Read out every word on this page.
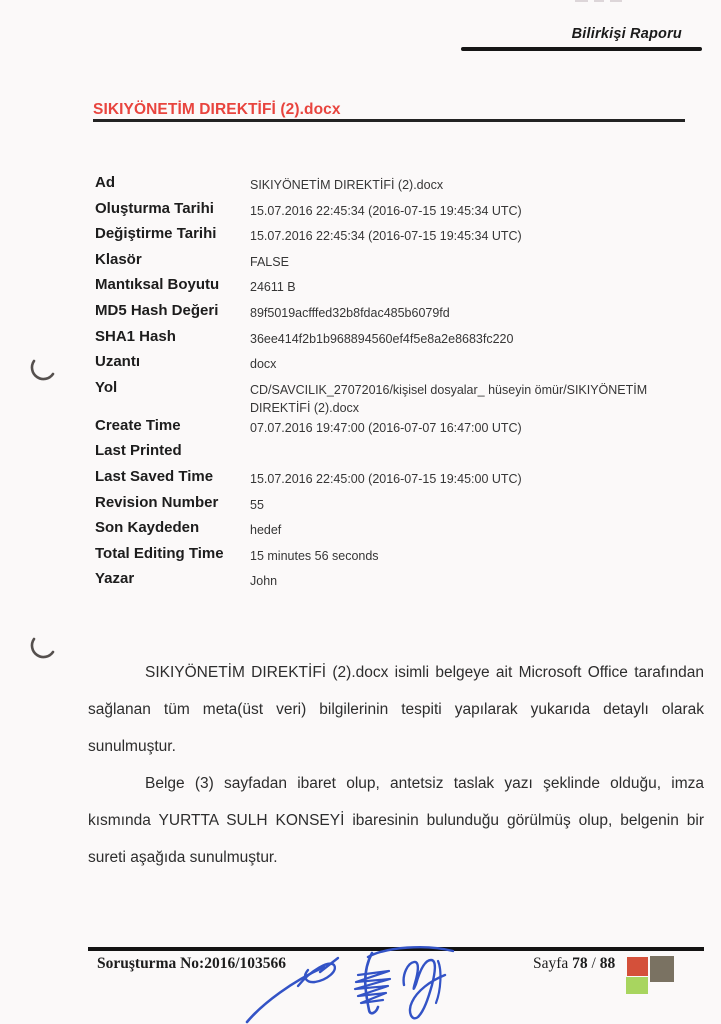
Bilirkişi Raporu
SIKIYÖNETİM DIREKTİFİ (2).docx
Ad	SIKIYÖNETİM DIREKTİFİ (2).docx
Oluşturma Tarihi	15.07.2016 22:45:34 (2016-07-15 19:45:34 UTC)
Değiştirme Tarihi	15.07.2016 22:45:34 (2016-07-15 19:45:34 UTC)
Klasör	FALSE
Mantıksal Boyutu	24611 B
MD5 Hash Değeri	89f5019acfffed32b8fdac485b6079fd
SHA1 Hash	36ee414f2b1b968894560ef4f5e8a2e8683fc220
Uzantı	docx
Yol	CD/SAVCILIK_27072016/kişisel dosyalar_ hüseyin ömür/SIKIYÖNETİM DIREKTİFİ (2).docx
Create Time	07.07.2016 19:47:00 (2016-07-07 16:47:00 UTC)
Last Printed
Last Saved Time	15.07.2016 22:45:00 (2016-07-15 19:45:00 UTC)
Revision Number	55
Son Kaydeden	hedef
Total Editing Time	15 minutes 56 seconds
Yazar	John

SIKIYÖNETİM DIREKTİFİ (2).docx isimli belgeye ait Microsoft Office tarafından sağlanan tüm meta(üst veri) bilgilerinin tespiti yapılarak yukarıda detaylı olarak sunulmuştur.

Belge (3) sayfadan ibaret olup, antetsiz taslak yazı şeklinde olduğu, imza kısmında YURTTA SULH KONSEYİ ibaresinin bulunduğu görülmüş olup, belgenin bir sureti aşağıda sunulmuştur.

Soruşturma No:2016/103566	Sayfa 78 / 88
